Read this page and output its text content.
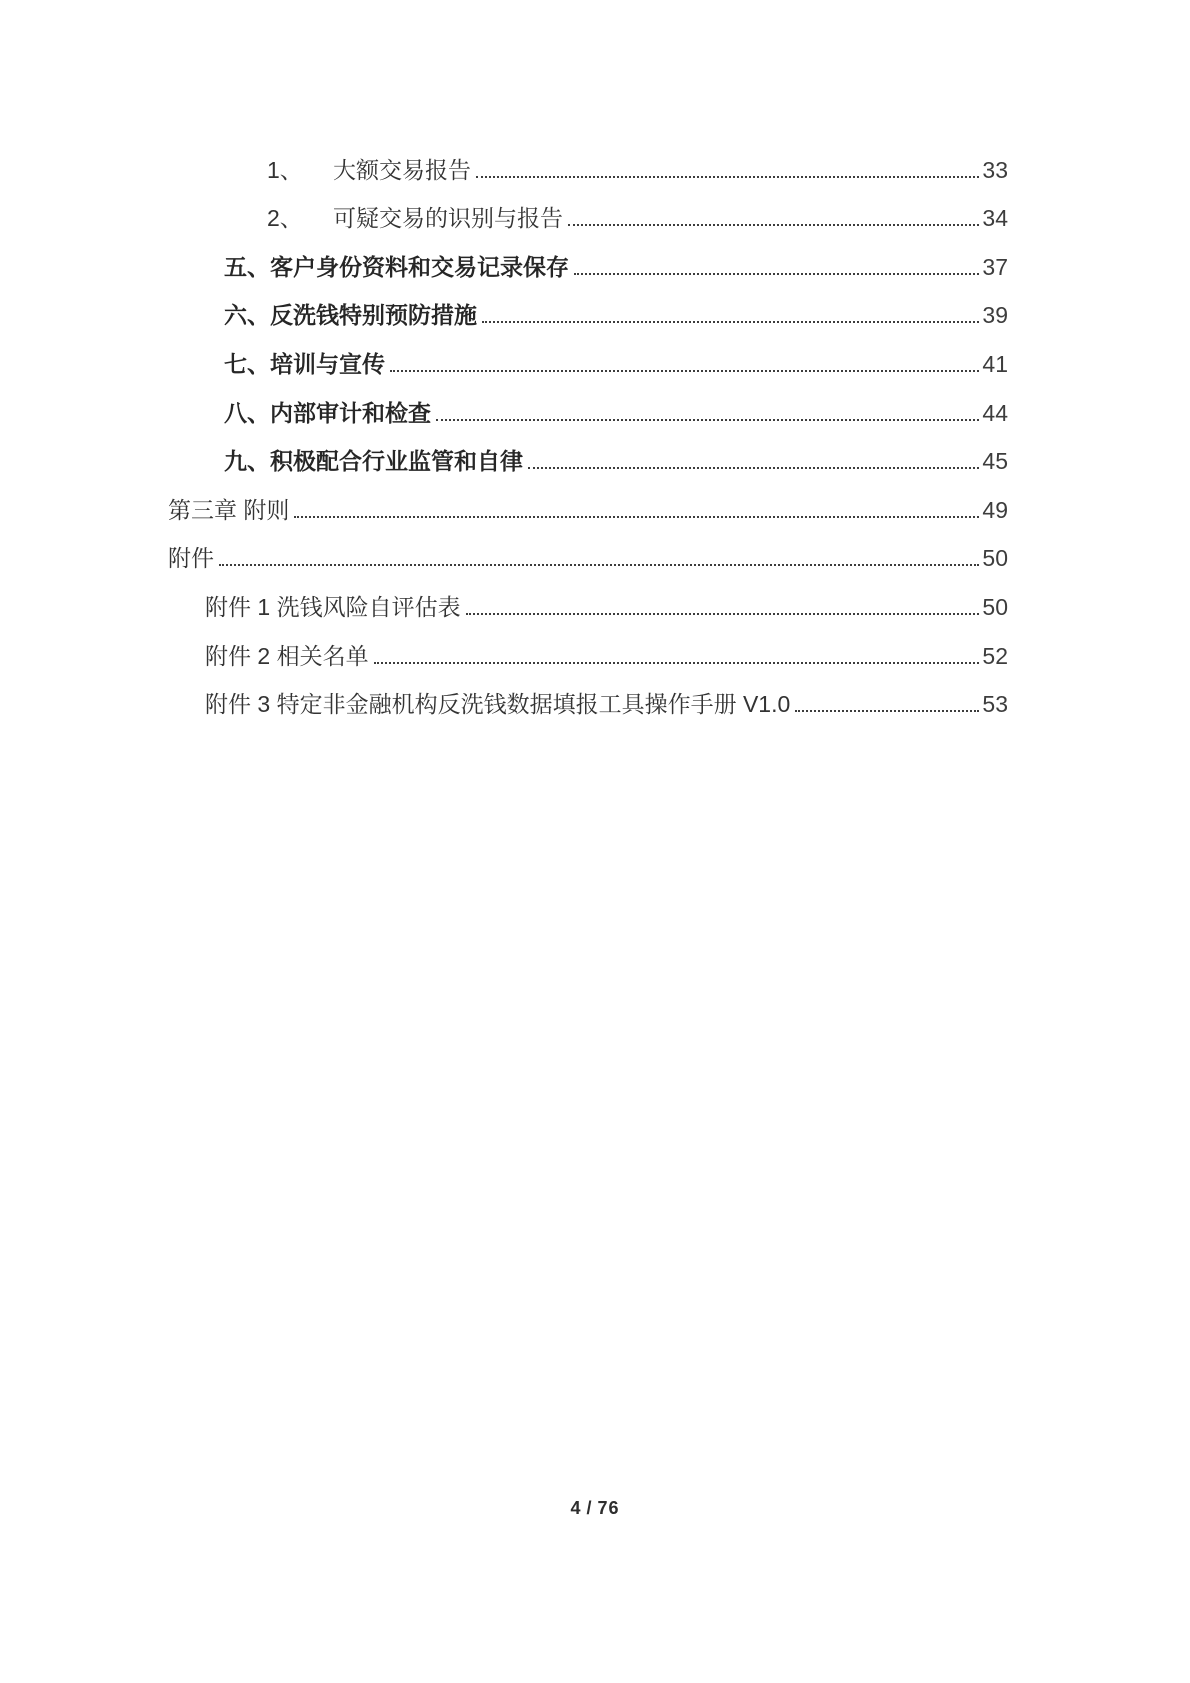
1、	大额交易报告	33
2、	可疑交易的识别与报告	34
五、客户身份资料和交易记录保存	37
六、反洗钱特别预防措施	39
七、培训与宣传	41
八、内部审计和检查	44
九、积极配合行业监管和自律	45
第三章 附则	49
附件	50
附件 1 洗钱风险自评估表	50
附件 2 相关名单	52
附件 3 特定非金融机构反洗钱数据填报工具操作手册 V1.0	53
4 / 76
